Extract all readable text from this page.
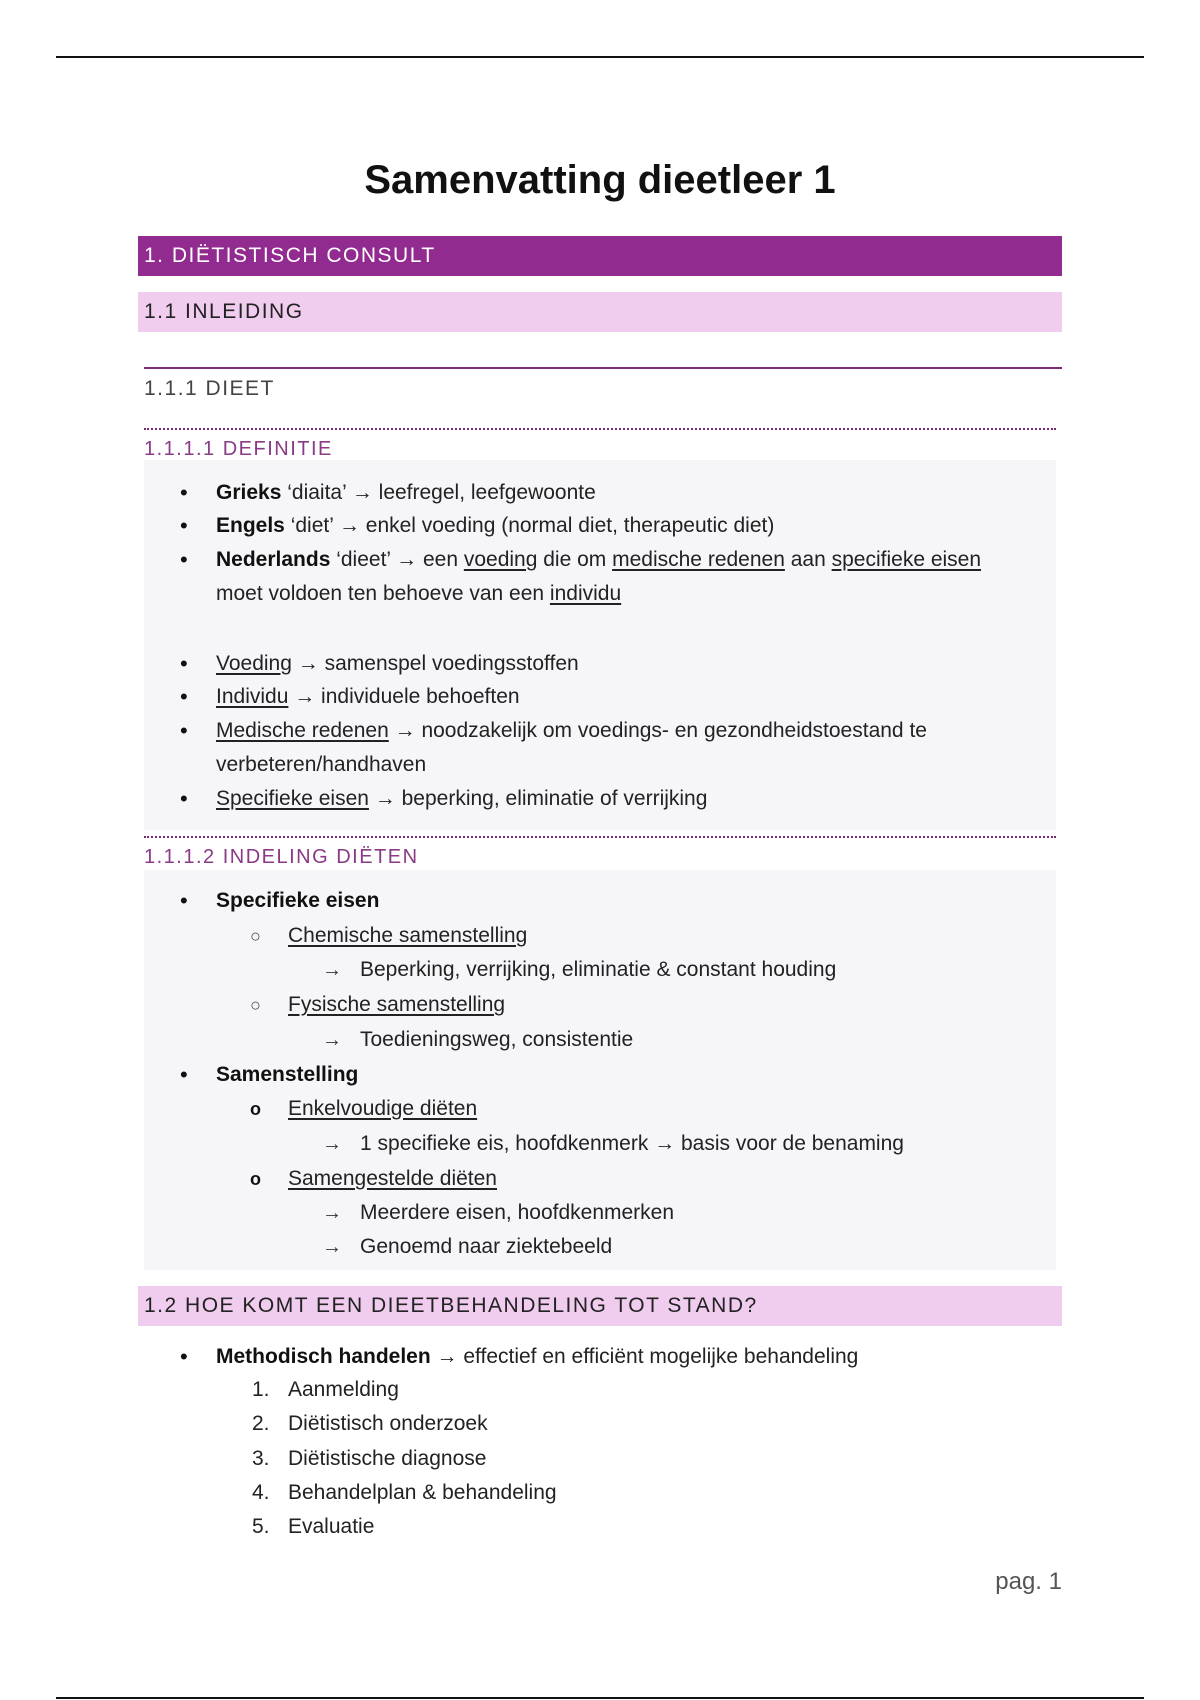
Samenvatting dieetleer 1
1. DIËTISTISCH CONSULT
1.1 INLEIDING
1.1.1 DIEET
1.1.1.1 DEFINITIE
• Grieks ‘diaita’ → leefregel, leefgewoonte
• Engels ‘diet’ → enkel voeding (normal diet, therapeutic diet)
• Nederlands ‘dieet’ → een voeding die om medische redenen aan specifieke eisen moet voldoen ten behoeve van een individu
• Voeding → samenspel voedingsstoffen
• Individu → individuele behoeften
• Medische redenen → noodzakelijk om voedings- en gezondheidstoestand te verbeteren/handhaven
• Specifieke eisen → beperking, eliminatie of verrijking
1.1.1.2 INDELING DIËTEN
• Specifieke eisen
○ Chemische samenstelling
→ Beperking, verrijking, eliminatie & constant houding
○ Fysische samenstelling
→ Toedieningsweg, consistentie
• Samenstelling
o Enkelvoudige diëten
→ 1 specifieke eis, hoofdkenmerk → basis voor de benaming
o Samengestelde diëten
→ Meerdere eisen, hoofdkenmerken
→ Genoemd naar ziektebeeld
1.2 HOE KOMT EEN DIEETBEHANDELING TOT STAND?
• Methodisch handelen → effectief en efficiënt mogelijke behandeling
1. Aanmelding
2. Diëtistisch onderzoek
3. Diëtistische diagnose
4. Behandelplan & behandeling
5. Evaluatie
pag. 1
